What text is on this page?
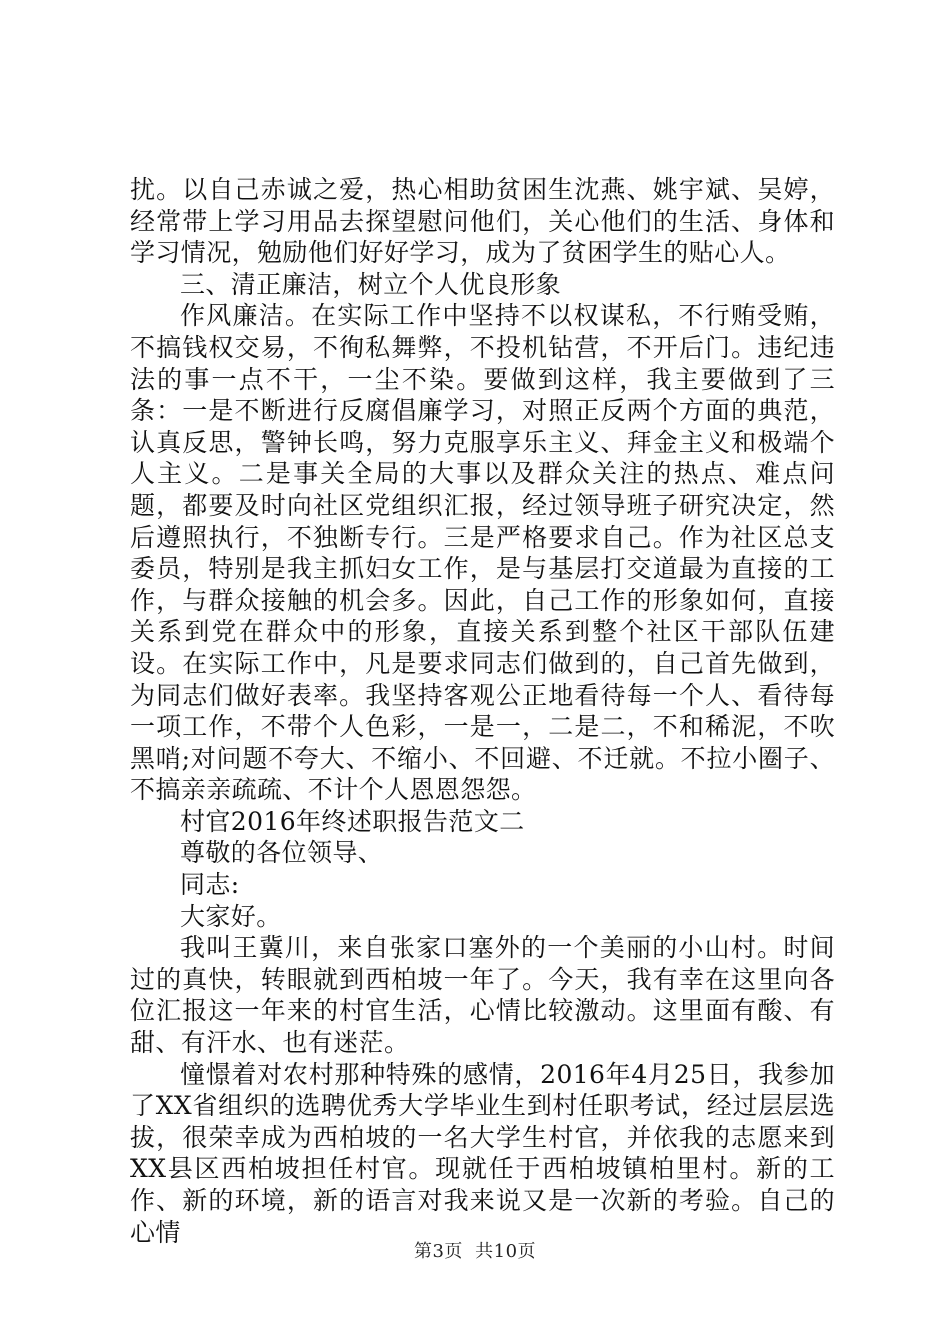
扰。以自己赤诚之爱，热心相助贫困生沈燕、姚宇斌、吴婷，经常带上学习用品去探望慰问他们，关心他们的生活、身体和学习情况，勉励他们好好学习，成为了贫困学生的贴心人。

三、清正廉洁，树立个人优良形象

作风廉洁。在实际工作中坚持不以权谋私，不行贿受贿，不搞钱权交易，不徇私舞弊，不投机钻营，不开后门。违纪违法的事一点不干，一尘不染。要做到这样，我主要做到了三条：一是不断进行反腐倡廉学习，对照正反两个方面的典范，认真反思，警钟长鸣，努力克服享乐主义、拜金主义和极端个人主义。二是事关全局的大事以及群众关注的热点、难点问题，都要及时向社区党组织汇报，经过领导班子研究决定，然后遵照执行，不独断专行。三是严格要求自己。作为社区总支委员，特别是我主抓妇女工作，是与基层打交道最为直接的工作，与群众接触的机会多。因此，自己工作的形象如何，直接关系到党在群众中的形象，直接关系到整个社区干部队伍建设。在实际工作中，凡是要求同志们做到的，自己首先做到，为同志们做好表率。我坚持客观公正地看待每一个人、看待每一项工作，不带个人色彩，一是一，二是二，不和稀泥，不吹黑哨;对问题不夸大、不缩小、不回避、不迁就。不拉小圈子、不搞亲亲疏疏、不计个人恩恩怨怨。

村官2016年终述职报告范文二

尊敬的各位领导、

同志:

大家好。

我叫王冀川，来自张家口塞外的一个美丽的小山村。时间过的真快，转眼就到西柏坡一年了。今天，我有幸在这里向各位汇报这一年来的村官生活，心情比较激动。这里面有酸、有甜、有汗水、也有迷茫。

憧憬着对农村那种特殊的感情，2016年4月25日，我参加了XX省组织的选聘优秀大学毕业生到村任职考试，经过层层选拔，很荣幸成为西柏坡的一名大学生村官，并依我的志愿来到XX县区西柏坡担任村官。现就任于西柏坡镇柏里村。新的工作、新的环境，新的语言对我来说又是一次新的考验。自己的心情

第3页 共10页
